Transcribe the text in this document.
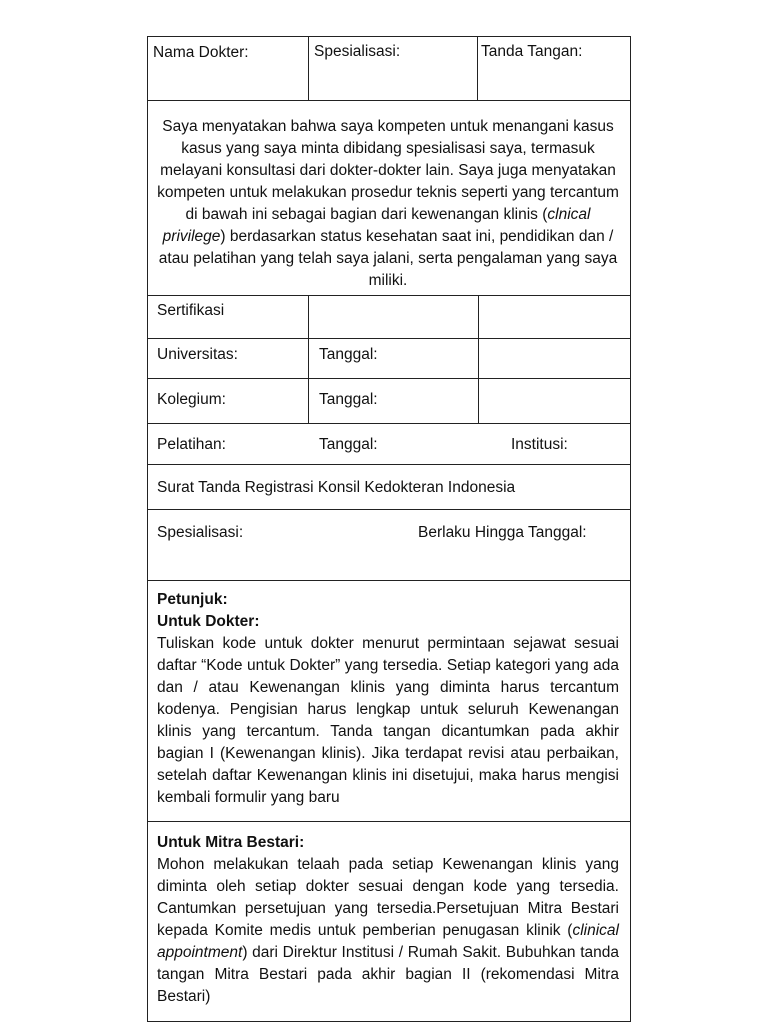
Nama Dokter:	Spesialisasi:	Tanda Tangan:
Saya menyatakan bahwa saya kompeten untuk menangani kasus kasus yang saya minta dibidang spesialisasi saya, termasuk melayani konsultasi dari dokter-dokter lain. Saya juga menyatakan kompeten untuk melakukan prosedur teknis seperti yang tercantum di bawah ini sebagai bagian dari kewenangan klinis (clnical privilege) berdasarkan status kesehatan saat ini, pendidikan dan / atau pelatihan yang telah saya jalani, serta pengalaman yang saya miliki.
Sertifikasi
Universitas:	Tanggal:
Kolegium:	Tanggal:
Pelatihan:	Tanggal:	Institusi:
Surat Tanda Registrasi Konsil Kedokteran Indonesia
Spesialisasi:	Berlaku Hingga Tanggal:
Petunjuk:
Untuk Dokter:
Tuliskan kode untuk dokter menurut permintaan sejawat sesuai daftar “Kode untuk Dokter” yang tersedia. Setiap kategori yang ada dan / atau Kewenangan klinis yang diminta harus tercantum kodenya. Pengisian harus lengkap untuk seluruh Kewenangan klinis yang tercantum. Tanda tangan dicantumkan pada akhir bagian I (Kewenangan klinis). Jika terdapat revisi atau perbaikan, setelah daftar Kewenangan klinis ini disetujui, maka harus mengisi kembali formulir yang baru
Untuk Mitra Bestari:
Mohon melakukan telaah pada setiap Kewenangan klinis yang diminta oleh setiap dokter sesuai dengan kode yang tersedia. Cantumkan persetujuan yang tersedia.Persetujuan Mitra Bestari kepada Komite medis untuk pemberian penugasan klinik (clinical appointment) dari Direktur Institusi / Rumah Sakit. Bubuhkan tanda tangan Mitra Bestari pada akhir bagian II (rekomendasi Mitra Bestari)
